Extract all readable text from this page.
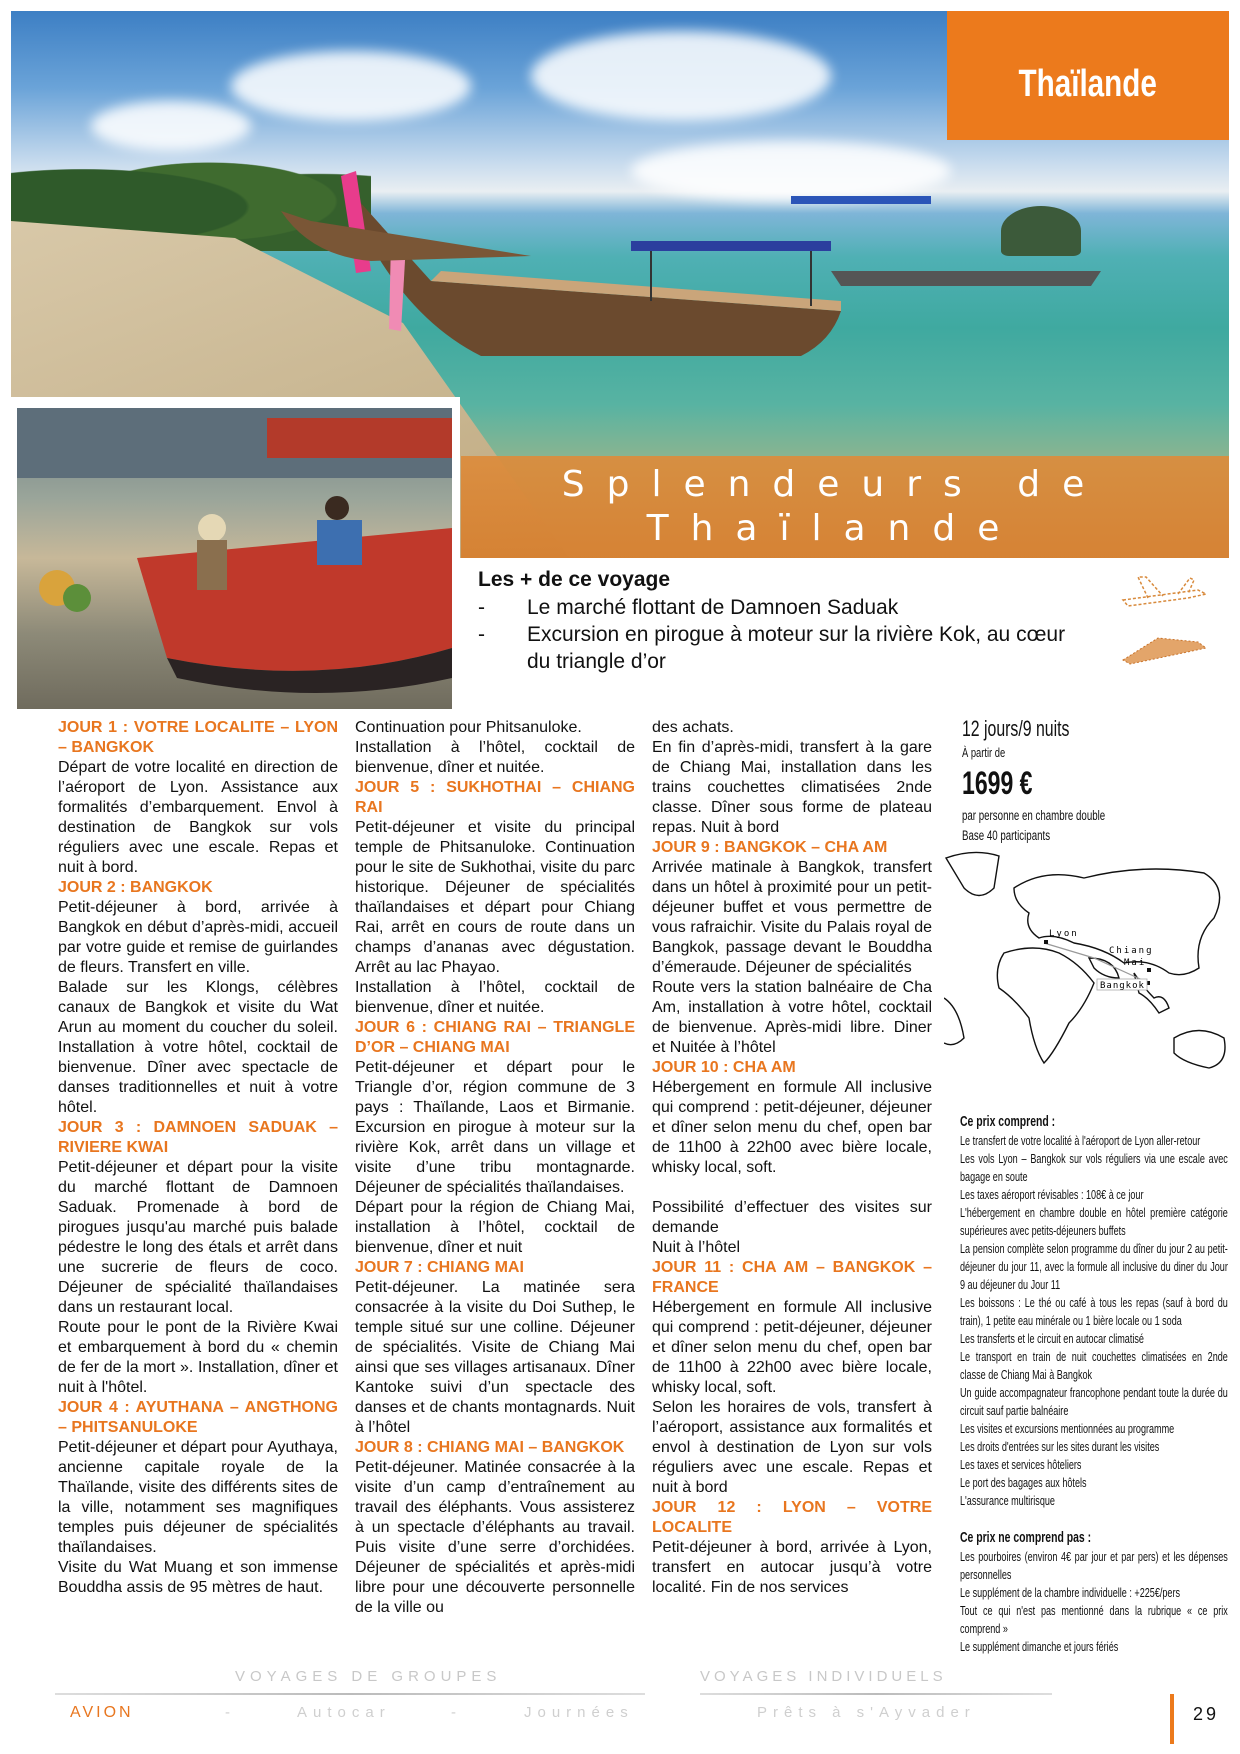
Splendeurs de
Thaïlande
Thaïlande
Les + de ce voyage
- Le marché flottant de Damnoen Saduak
- Excursion en pirogue à moteur sur la rivière Kok, au cœur du triangle d’or
JOUR 1 : VOTRE LOCALITE – LYON – BANGKOK
Départ de votre localité en direction de l’aéroport de Lyon. Assistance aux formalités d’embarquement. Envol à destination de Bangkok sur vols réguliers avec une escale. Repas et nuit à bord.
JOUR 2 : BANGKOK
Petit-déjeuner à bord, arrivée à Bangkok en début d’après-midi, accueil par votre guide et remise de guirlandes de fleurs. Transfert en ville.
Balade sur les Klongs, célèbres canaux de Bangkok et visite du Wat Arun au moment du coucher du soleil. Installation à votre hôtel, cocktail de bienvenue. Dîner avec spectacle de danses traditionnelles et nuit à votre hôtel.
JOUR 3 : DAMNOEN SADUAK – RIVIERE KWAI
Petit-déjeuner et départ pour la visite du marché flottant de Damnoen Saduak. Promenade à bord de pirogues jusqu'au marché puis balade pédestre le long des étals et arrêt dans une sucrerie de fleurs de coco. Déjeuner de spécialité thaïlandaises dans un restaurant local.
Route pour le pont de la Rivière Kwai et embarquement à bord du « chemin de fer de la mort ». Installation, dîner et nuit à l'hôtel.
JOUR 4 : AYUTHANA – ANGTHONG – PHITSANULOKE
Petit-déjeuner et départ pour Ayuthaya, ancienne capitale royale de la Thaïlande, visite des différents sites de la ville, notamment ses magnifiques temples puis déjeuner de spécialités thaïlandaises.
Visite du Wat Muang et son immense Bouddha assis de 95 mètres de haut.
Continuation pour Phitsanuloke.
Installation à l’hôtel, cocktail de bienvenue, dîner et nuitée.
JOUR 5 : SUKHOTHAI – CHIANG RAI
Petit-déjeuner et visite du principal temple de Phitsanuloke. Continuation pour le site de Sukhothai, visite du parc historique. Déjeuner de spécialités thaïlandaises et départ pour Chiang Rai, arrêt en cours de route dans un champs d’ananas avec dégustation. Arrêt au lac Phayao.
Installation à l’hôtel, cocktail de bienvenue, dîner et nuitée.
JOUR 6 : CHIANG RAI – TRIANGLE D’OR – CHIANG MAI
Petit-déjeuner et départ pour le Triangle d’or, région commune de 3 pays : Thaïlande, Laos et Birmanie. Excursion en pirogue à moteur sur la rivière Kok, arrêt dans un village et visite d’une tribu montagnarde. Déjeuner de spécialités thaïlandaises.
Départ pour la région de Chiang Mai, installation à l’hôtel, cocktail de bienvenue, dîner et nuit
JOUR 7 : CHIANG MAI
Petit-déjeuner. La matinée sera consacrée à la visite du Doi Suthep, le temple situé sur une colline. Déjeuner de spécialités. Visite de Chiang Mai ainsi que ses villages artisanaux. Dîner Kantoke suivi d’un spectacle des danses et de chants montagnards. Nuit à l’hôtel
JOUR 8 : CHIANG MAI – BANGKOK
Petit-déjeuner. Matinée consacrée à la visite d’un camp d’entraînement au travail des éléphants. Vous assisterez à un spectacle d’éléphants au travail. Puis visite d’une serre d’orchidées. Déjeuner de spécialités et après-midi libre pour une découverte personnelle de la ville ou
des achats.
En fin d’après-midi, transfert à la gare de Chiang Mai, installation dans les trains couchettes climatisées 2nde classe. Dîner sous forme de plateau repas. Nuit à bord
JOUR 9 : BANGKOK – CHA AM
Arrivée matinale à Bangkok, transfert dans un hôtel à proximité pour un petit-déjeuner buffet et vous permettre de vous rafraichir. Visite du Palais royal de Bangkok, passage devant le Bouddha d’émeraude. Déjeuner de spécialités
Route vers la station balnéaire de Cha Am, installation à votre hôtel, cocktail de bienvenue. Après-midi libre. Diner et Nuitée à l’hôtel
JOUR 10 : CHA AM
Hébergement en formule All inclusive qui comprend : petit-déjeuner, déjeuner et dîner selon menu du chef, open bar de 11h00 à 22h00 avec bière locale, whisky local, soft.
Possibilité d’effectuer des visites sur demande
Nuit à l’hôtel
JOUR 11 : CHA AM – BANGKOK – FRANCE
Hébergement en formule All inclusive qui comprend : petit-déjeuner, déjeuner et dîner selon menu du chef, open bar de 11h00 à 22h00 avec bière locale, whisky local, soft.
Selon les horaires de vols, transfert à l’aéroport, assistance aux formalités et envol à destination de Lyon sur vols réguliers avec une escale. Repas et nuit à bord
JOUR 12 : LYON – VOTRE LOCALITE
Petit-déjeuner à bord, arrivée à Lyon, transfert en autocar jusqu’à votre localité. Fin de nos services
12 jours/9 nuits
À partir de
1699 €
par personne en chambre double
Base 40 participants
Lyon
Chiang
Mai
Bangkok
Ce prix comprend :
Le transfert de votre localité à l'aéroport de Lyon aller-retour
Les vols Lyon – Bangkok sur vols réguliers via une escale avec bagage en soute
Les taxes aéroport révisables : 108€ à ce jour
L'hébergement en chambre double en hôtel première catégorie supérieures avec petits-déjeuners buffets
La pension complète selon programme du dîner du jour 2 au petit-déjeuner du jour 11, avec la formule all inclusive du diner du Jour 9 au déjeuner du Jour 11
Les boissons : Le thé ou café à tous les repas (sauf à bord du train), 1 petite eau minérale ou 1 bière locale ou 1 soda
Les transferts et le circuit en autocar climatisé
Le transport en train de nuit couchettes climatisées en 2nde classe de Chiang Mai à Bangkok
Un guide accompagnateur francophone pendant toute la durée du circuit sauf partie balnéaire
Les visites et excursions mentionnées au programme
Les droits d'entrées sur les sites durant les visites
Les taxes et services hôteliers
Le port des bagages aux hôtels
L'assurance multirisque
Ce prix ne comprend pas :
Les pourboires (environ 4€ par jour et par pers) et les dépenses personnelles
Le supplément de la chambre individuelle : +225€/pers
Tout ce qui n'est pas mentionné dans la rubrique « ce prix comprend »
Le supplément dimanche et jours fériés
VOYAGES DE GROUPES	VOYAGES INDIVIDUELS
AVION	-	Autocar	-	Journées	Prêts à s'Ayvader	29
